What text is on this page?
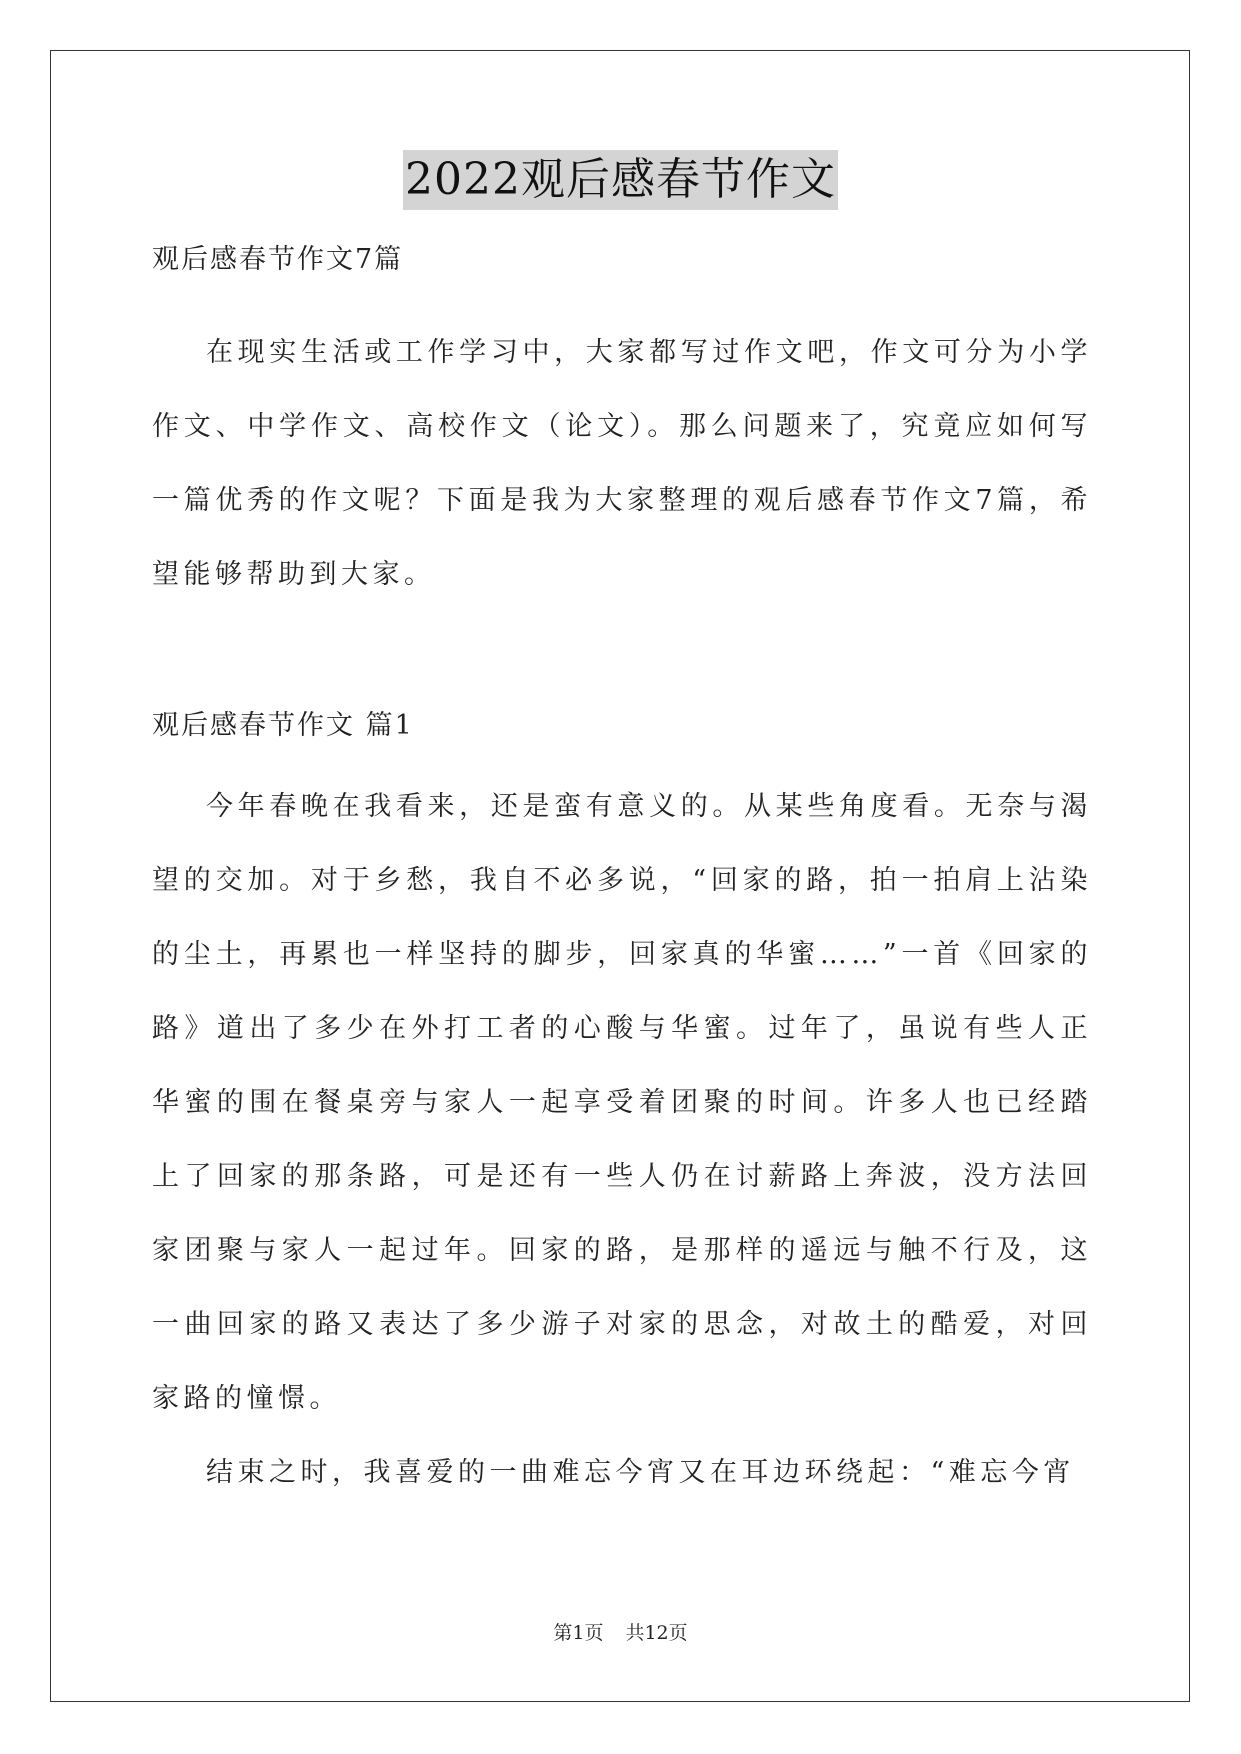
2022观后感春节作文

观后感春节作文7篇

在现实生活或工作学习中，大家都写过作文吧，作文可分为小学作文、中学作文、高校作文（论文）。那么问题来了，究竟应如何写一篇优秀的作文呢？下面是我为大家整理的观后感春节作文7篇，希望能够帮助到大家。

观后感春节作文 篇1

今年春晚在我看来，还是蛮有意义的。从某些角度看。无奈与渴望的交加。对于乡愁，我自不必多说，“回家的路，拍一拍肩上沾染的尘土，再累也一样坚持的脚步，回家真的华蜜……”一首《回家的路》道出了多少在外打工者的心酸与华蜜。过年了，虽说有些人正华蜜的围在餐桌旁与家人一起享受着团聚的时间。许多人也已经踏上了回家的那条路，可是还有一些人仍在讨薪路上奔波，没方法回家团聚与家人一起过年。回家的路，是那样的遥远与触不行及，这一曲回家的路又表达了多少游子对家的思念，对故土的酷爱，对回家路的憧憬。

结束之时，我喜爱的一曲难忘今宵又在耳边环绕起：“难忘今宵

第1页 共12页
